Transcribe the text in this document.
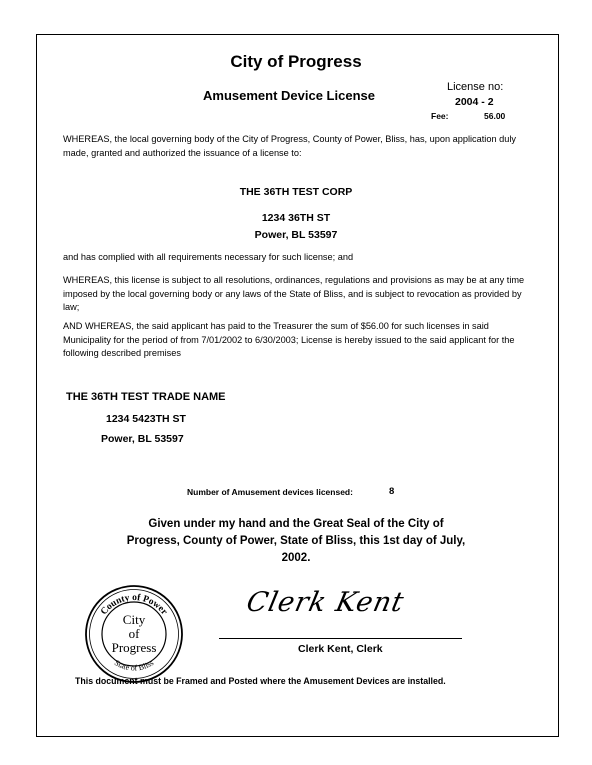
City of Progress
Amusement Device License
License no:
2004 - 2
Fee:	56.00
WHEREAS, the local governing body of the City of Progress, County of Power, Bliss, has, upon application duly made, granted and authorized the issuance of a license to:
THE 36TH TEST CORP
1234 36TH ST
Power, BL 53597
and has complied with all requirements necessary for such license; and
WHEREAS, this license is subject to all resolutions, ordinances, regulations and provisions as may be at any time imposed by the local governing body or any laws of the State of Bliss, and is subject to revocation as provided by law;
AND WHEREAS, the said applicant has paid to the Treasurer the sum of $56.00 for such licenses in said Municipality for the period of from 7/01/2002 to 6/30/2003; License is hereby issued to the said applicant for the following described premises
THE 36TH TEST TRADE NAME
1234 5423TH ST
Power, BL 53597
Number of Amusement devices licensed:	8
Given under my hand and the Great Seal of the City of
Progress, County of Power, State of Bliss, this 1st day of July,
2002.
County of Power
State of Bliss
City
of
Progress
Clerk Kent
Clerk Kent, Clerk
This document must be Framed and Posted where the Amusement Devices are installed.
